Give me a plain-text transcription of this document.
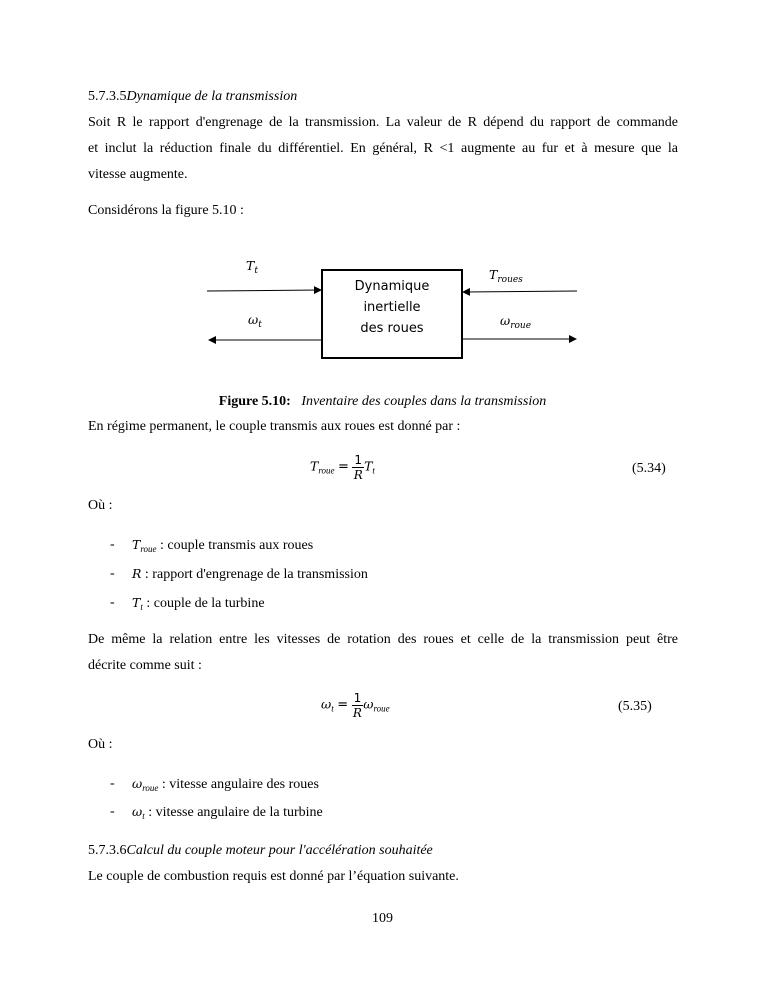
5.7.3.5Dynamique de la transmission
Soit R le rapport d'engrenage de la transmission. La valeur de R dépend du rapport de commande
et inclut la réduction finale du différentiel. En général, R <1 augmente au fur et à mesure que la
vitesse augmente.
Considérons la figure 5.10 :
Dynamique
inertielle
des roues
$T_t$
$\omega_t$
$T_{roues}$
$\omega_{roue}$
Figure 5.10: Inventaire des couples dans la transmission
En régime permanent, le couple transmis aux roues est donné par :
$T_{roue} = \frac{1}{R} T_t$	(5.34)
Où :
- $T_{roue}$ : couple transmis aux roues
- R : rapport d'engrenage de la transmission
- $T_t$ : couple de la turbine
De même la relation entre les vitesses de rotation des roues et celle de la transmission peut être
décrite comme suit :
$\omega_t = \frac{1}{R} \omega_{roue}$	(5.35)
Où :
- $\omega_{roue}$ : vitesse angulaire des roues
- $\omega_t$ : vitesse angulaire de la turbine
5.7.3.6Calcul du couple moteur pour l'accélération souhaitée
Le couple de combustion requis est donné par l’équation suivante.
109
